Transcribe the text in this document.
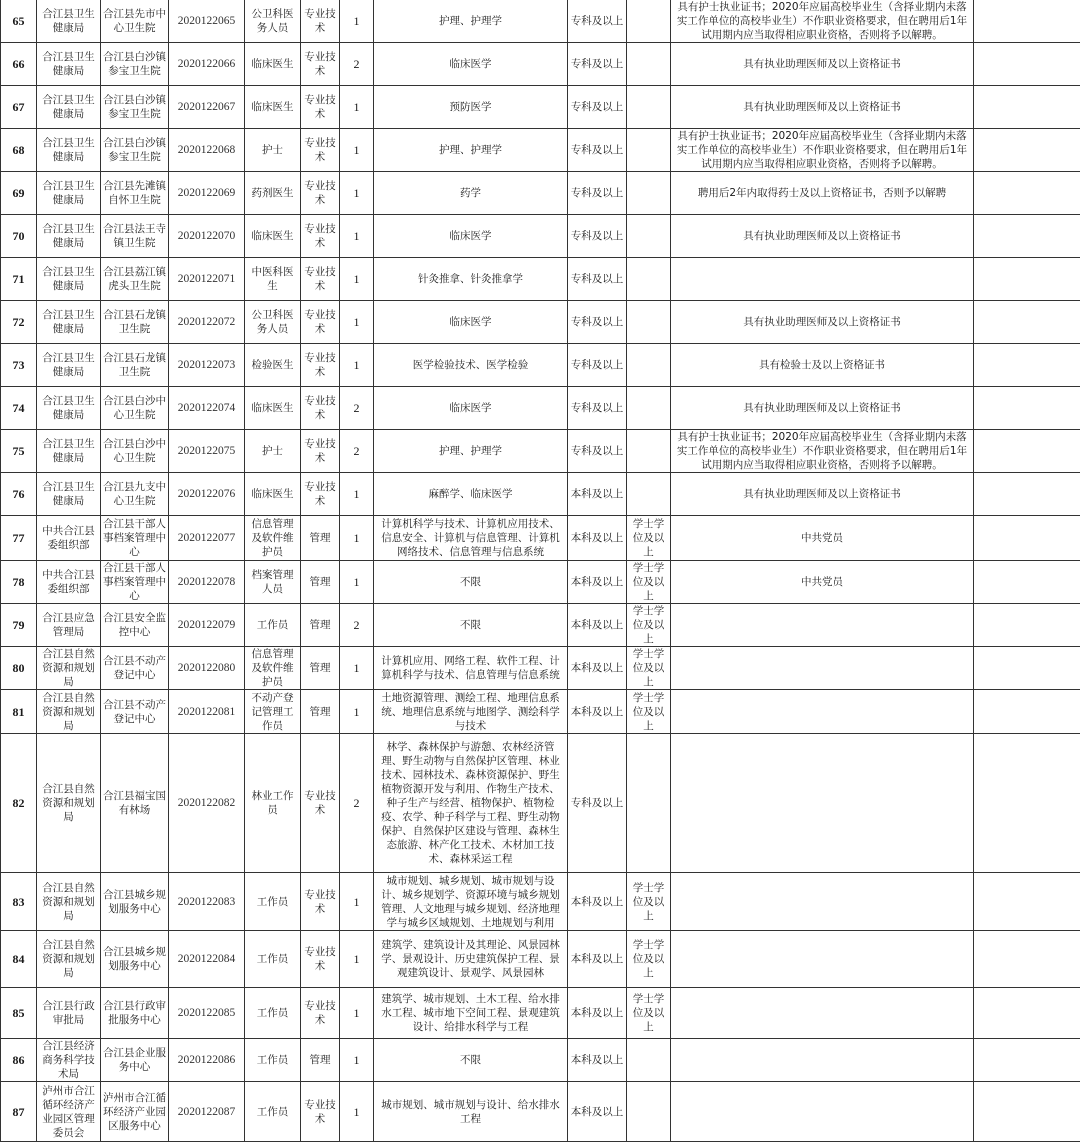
65	合江县卫生健康局	合江县先市中心卫生院	2020122065	公卫科医务人员	专业技术	1	护理、护理学	专科及以上		具有护士执业证书；2020年应届高校毕业生（含择业期内未落实工作单位的高校毕业生）不作职业资格要求，但在聘用后1年试用期内应当取得相应职业资格，否则将予以解聘。	
66	合江县卫生健康局	合江县白沙镇参宝卫生院	2020122066	临床医生	专业技术	2	临床医学	专科及以上		具有执业助理医师及以上资格证书	
67	合江县卫生健康局	合江县白沙镇参宝卫生院	2020122067	临床医生	专业技术	1	预防医学	专科及以上		具有执业助理医师及以上资格证书	
68	合江县卫生健康局	合江县白沙镇参宝卫生院	2020122068	护士	专业技术	1	护理、护理学	专科及以上		具有护士执业证书；2020年应届高校毕业生（含择业期内未落实工作单位的高校毕业生）不作职业资格要求，但在聘用后1年试用期内应当取得相应职业资格，否则将予以解聘。	
69	合江县卫生健康局	合江县先滩镇自怀卫生院	2020122069	药剂医生	专业技术	1	药学	专科及以上		聘用后2年内取得药士及以上资格证书，否则予以解聘	
70	合江县卫生健康局	合江县法王寺镇卫生院	2020122070	临床医生	专业技术	1	临床医学	专科及以上		具有执业助理医师及以上资格证书	
71	合江县卫生健康局	合江县荔江镇虎头卫生院	2020122071	中医科医生	专业技术	1	针灸推拿、针灸推拿学	专科及以上			
72	合江县卫生健康局	合江县石龙镇卫生院	2020122072	公卫科医务人员	专业技术	1	临床医学	专科及以上		具有执业助理医师及以上资格证书	
73	合江县卫生健康局	合江县石龙镇卫生院	2020122073	检验医生	专业技术	1	医学检验技术、医学检验	专科及以上		具有检验士及以上资格证书	
74	合江县卫生健康局	合江县白沙中心卫生院	2020122074	临床医生	专业技术	2	临床医学	专科及以上		具有执业助理医师及以上资格证书	
75	合江县卫生健康局	合江县白沙中心卫生院	2020122075	护士	专业技术	2	护理、护理学	专科及以上		具有护士执业证书；2020年应届高校毕业生（含择业期内未落实工作单位的高校毕业生）不作职业资格要求，但在聘用后1年试用期内应当取得相应职业资格，否则将予以解聘。	
76	合江县卫生健康局	合江县九支中心卫生院	2020122076	临床医生	专业技术	1	麻醉学、临床医学	本科及以上		具有执业助理医师及以上资格证书	
77	中共合江县委组织部	合江县干部人事档案管理中心	2020122077	信息管理及软件维护员	管理	1	计算机科学与技术、计算机应用技术、信息安全、计算机与信息管理、计算机网络技术、信息管理与信息系统	本科及以上	学士学位及以上	中共党员	
78	中共合江县委组织部	合江县干部人事档案管理中心	2020122078	档案管理人员	管理	1	不限	本科及以上	学士学位及以上	中共党员	
79	合江县应急管理局	合江县安全监控中心	2020122079	工作员	管理	2	不限	本科及以上	学士学位及以上		
80	合江县自然资源和规划局	合江县不动产登记中心	2020122080	信息管理及软件维护员	管理	1	计算机应用、网络工程、软件工程、计算机科学与技术、信息管理与信息系统	本科及以上	学士学位及以上		
81	合江县自然资源和规划局	合江县不动产登记中心	2020122081	不动产登记管理工作员	管理	1	土地资源管理、测绘工程、地理信息系统、地理信息系统与地图学、测绘科学与技术	本科及以上	学士学位及以上		
82	合江县自然资源和规划局	合江县福宝国有林场	2020122082	林业工作员	专业技术	2	林学、森林保护与游憩、农林经济管理、野生动物与自然保护区管理、林业技术、园林技术、森林资源保护、野生植物资源开发与利用、作物生产技术、种子生产与经营、植物保护、植物检疫、农学、种子科学与工程、野生动物保护、自然保护区建设与管理、森林生态旅游、林产化工技术、木材加工技术、森林采运工程	专科及以上			
83	合江县自然资源和规划局	合江县城乡规划服务中心	2020122083	工作员	专业技术	1	城市规划、城乡规划、城市规划与设计、城乡规划学、资源环境与城乡规划管理、人文地理与城乡规划、经济地理学与城乡区域规划、土地规划与利用	本科及以上	学士学位及以上		
84	合江县自然资源和规划局	合江县城乡规划服务中心	2020122084	工作员	专业技术	1	建筑学、建筑设计及其理论、风景园林学、景观设计、历史建筑保护工程、景观建筑设计、景观学、风景园林	本科及以上	学士学位及以上		
85	合江县行政审批局	合江县行政审批服务中心	2020122085	工作员	专业技术	1	建筑学、城市规划、土木工程、给水排水工程、城市地下空间工程、景观建筑设计、给排水科学与工程	本科及以上	学士学位及以上		
86	合江县经济商务科学技术局	合江县企业服务中心	2020122086	工作员	管理	1	不限	本科及以上			
87	泸州市合江循环经济产业园区管理委员会	泸州市合江循环经济产业园区服务中心	2020122087	工作员	专业技术	1	城市规划、城市规划与设计、给水排水工程	本科及以上			
